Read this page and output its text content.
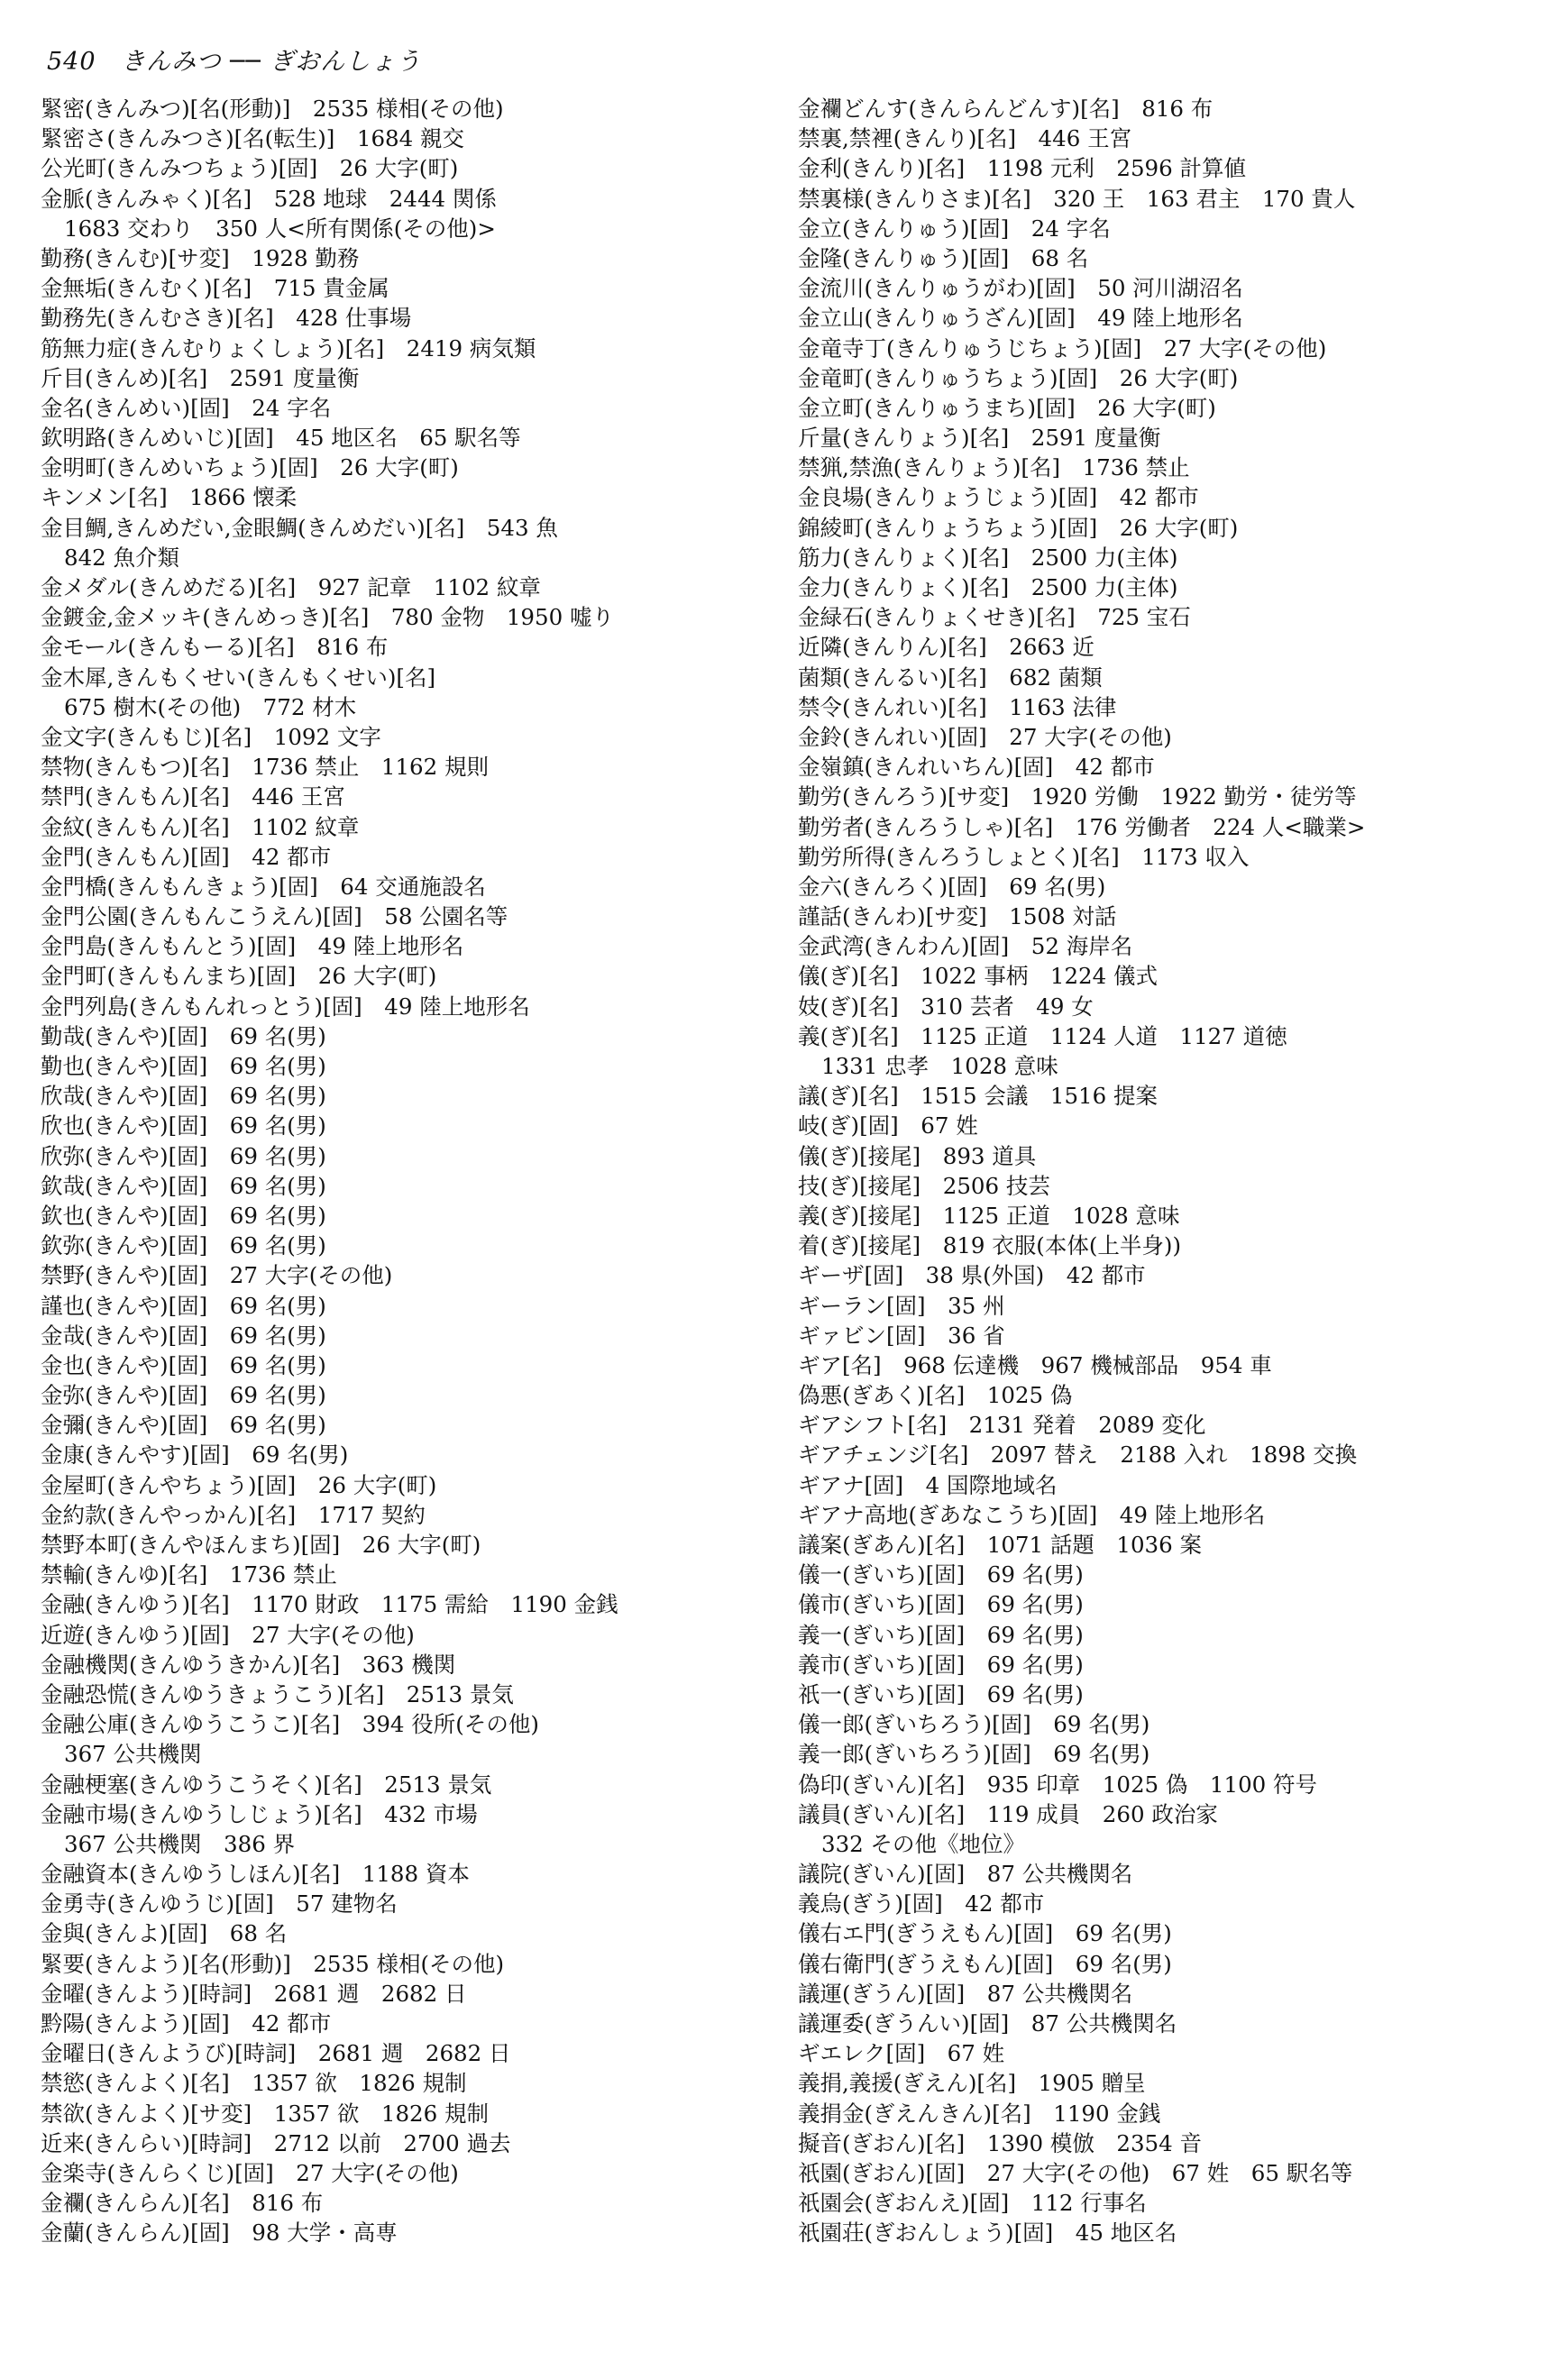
540 きんみつ ── ぎおんしょう
緊密(きんみつ)[名(形動)]　2535 様相(その他)
緊密さ(きんみつさ)[名(転生)]　1684 親交
公光町(きんみつちょう)[固]　26 大字(町)
金脈(きんみゃく)[名]　528 地球　2444 関係
1683 交わり　350 人<所有関係(その他)>
勤務(きんむ)[サ変]　1928 勤務
金無垢(きんむく)[名]　715 貴金属
勤務先(きんむさき)[名]　428 仕事場
筋無力症(きんむりょくしょう)[名]　2419 病気類
斤目(きんめ)[名]　2591 度量衡
金名(きんめい)[固]　24 字名
欽明路(きんめいじ)[固]　45 地区名　65 駅名等
金明町(きんめいちょう)[固]　26 大字(町)
キンメン[名]　1866 懐柔
金目鯛,きんめだい,金眼鯛(きんめだい)[名]　543 魚
842 魚介類
金メダル(きんめだる)[名]　927 記章　1102 紋章
金鍍金,金メッキ(きんめっき)[名]　780 金物　1950 嘘り
金モール(きんもーる)[名]　816 布
金木犀,きんもくせい(きんもくせい)[名]
675 樹木(その他)　772 材木
金文字(きんもじ)[名]　1092 文字
禁物(きんもつ)[名]　1736 禁止　1162 規則
禁門(きんもん)[名]　446 王宮
金紋(きんもん)[名]　1102 紋章
金門(きんもん)[固]　42 都市
金門橋(きんもんきょう)[固]　64 交通施設名
金門公園(きんもんこうえん)[固]　58 公園名等
金門島(きんもんとう)[固]　49 陸上地形名
金門町(きんもんまち)[固]　26 大字(町)
金門列島(きんもんれっとう)[固]　49 陸上地形名
勤哉(きんや)[固]　69 名(男)
勤也(きんや)[固]　69 名(男)
欣哉(きんや)[固]　69 名(男)
欣也(きんや)[固]　69 名(男)
欣弥(きんや)[固]　69 名(男)
欽哉(きんや)[固]　69 名(男)
欽也(きんや)[固]　69 名(男)
欽弥(きんや)[固]　69 名(男)
禁野(きんや)[固]　27 大字(その他)
謹也(きんや)[固]　69 名(男)
金哉(きんや)[固]　69 名(男)
金也(きんや)[固]　69 名(男)
金弥(きんや)[固]　69 名(男)
金彌(きんや)[固]　69 名(男)
金康(きんやす)[固]　69 名(男)
金屋町(きんやちょう)[固]　26 大字(町)
金約款(きんやっかん)[名]　1717 契約
禁野本町(きんやほんまち)[固]　26 大字(町)
禁輸(きんゆ)[名]　1736 禁止
金融(きんゆう)[名]　1170 財政　1175 需給　1190 金銭
近遊(きんゆう)[固]　27 大字(その他)
金融機関(きんゆうきかん)[名]　363 機関
金融恐慌(きんゆうきょうこう)[名]　2513 景気
金融公庫(きんゆうこうこ)[名]　394 役所(その他)
367 公共機関
金融梗塞(きんゆうこうそく)[名]　2513 景気
金融市場(きんゆうしじょう)[名]　432 市場
367 公共機関　386 界
金融資本(きんゆうしほん)[名]　1188 資本
金勇寺(きんゆうじ)[固]　57 建物名
金與(きんよ)[固]　68 名
緊要(きんよう)[名(形動)]　2535 様相(その他)
金曜(きんよう)[時詞]　2681 週　2682 日
黔陽(きんよう)[固]　42 都市
金曜日(きんようび)[時詞]　2681 週　2682 日
禁慾(きんよく)[名]　1357 欲　1826 規制
禁欲(きんよく)[サ変]　1357 欲　1826 規制
近来(きんらい)[時詞]　2712 以前　2700 過去
金楽寺(きんらくじ)[固]　27 大字(その他)
金襴(きんらん)[名]　816 布
金蘭(きんらん)[固]　98 大学・高専
金襴どんす(きんらんどんす)[名]　816 布
禁裏,禁裡(きんり)[名]　446 王宮
金利(きんり)[名]　1198 元利　2596 計算値
禁裏様(きんりさま)[名]　320 王　163 君主　170 貴人
金立(きんりゅう)[固]　24 字名
金隆(きんりゅう)[固]　68 名
金流川(きんりゅうがわ)[固]　50 河川湖沼名
金立山(きんりゅうざん)[固]　49 陸上地形名
金竜寺丁(きんりゅうじちょう)[固]　27 大字(その他)
金竜町(きんりゅうちょう)[固]　26 大字(町)
金立町(きんりゅうまち)[固]　26 大字(町)
斤量(きんりょう)[名]　2591 度量衡
禁猟,禁漁(きんりょう)[名]　1736 禁止
金良場(きんりょうじょう)[固]　42 都市
錦綾町(きんりょうちょう)[固]　26 大字(町)
筋力(きんりょく)[名]　2500 力(主体)
金力(きんりょく)[名]　2500 力(主体)
金緑石(きんりょくせき)[名]　725 宝石
近隣(きんりん)[名]　2663 近
菌類(きんるい)[名]　682 菌類
禁令(きんれい)[名]　1163 法律
金鈴(きんれい)[固]　27 大字(その他)
金嶺鎮(きんれいちん)[固]　42 都市
勤労(きんろう)[サ変]　1920 労働　1922 勤労・徒労等
勤労者(きんろうしゃ)[名]　176 労働者　224 人<職業>
勤労所得(きんろうしょとく)[名]　1173 収入
金六(きんろく)[固]　69 名(男)
謹話(きんわ)[サ変]　1508 対話
金武湾(きんわん)[固]　52 海岸名
儀(ぎ)[名]　1022 事柄　1224 儀式
妓(ぎ)[名]　310 芸者　49 女
義(ぎ)[名]　1125 正道　1124 人道　1127 道徳
1331 忠孝　1028 意味
議(ぎ)[名]　1515 会議　1516 提案
岐(ぎ)[固]　67 姓
儀(ぎ)[接尾]　893 道具
技(ぎ)[接尾]　2506 技芸
義(ぎ)[接尾]　1125 正道　1028 意味
着(ぎ)[接尾]　819 衣服(本体(上半身))
ギーザ[固]　38 県(外国)　42 都市
ギーラン[固]　35 州
ギァビン[固]　36 省
ギア[名]　968 伝達機　967 機械部品　954 車
偽悪(ぎあく)[名]　1025 偽
ギアシフト[名]　2131 発着　2089 変化
ギアチェンジ[名]　2097 替え　2188 入れ　1898 交換
ギアナ[固]　4 国際地域名
ギアナ高地(ぎあなこうち)[固]　49 陸上地形名
議案(ぎあん)[名]　1071 話題　1036 案
儀一(ぎいち)[固]　69 名(男)
儀市(ぎいち)[固]　69 名(男)
義一(ぎいち)[固]　69 名(男)
義市(ぎいち)[固]　69 名(男)
祇一(ぎいち)[固]　69 名(男)
儀一郎(ぎいちろう)[固]　69 名(男)
義一郎(ぎいちろう)[固]　69 名(男)
偽印(ぎいん)[名]　935 印章　1025 偽　1100 符号
議員(ぎいん)[名]　119 成員　260 政治家
332 その他《地位》
議院(ぎいん)[固]　87 公共機関名
義烏(ぎう)[固]　42 都市
儀右エ門(ぎうえもん)[固]　69 名(男)
儀右衛門(ぎうえもん)[固]　69 名(男)
議運(ぎうん)[固]　87 公共機関名
議運委(ぎうんい)[固]　87 公共機関名
ギエレク[固]　67 姓
義捐,義援(ぎえん)[名]　1905 贈呈
義捐金(ぎえんきん)[名]　1190 金銭
擬音(ぎおん)[名]　1390 模倣　2354 音
祇園(ぎおん)[固]　27 大字(その他)　67 姓　65 駅名等
祇園会(ぎおんえ)[固]　112 行事名
祇園荘(ぎおんしょう)[固]　45 地区名
